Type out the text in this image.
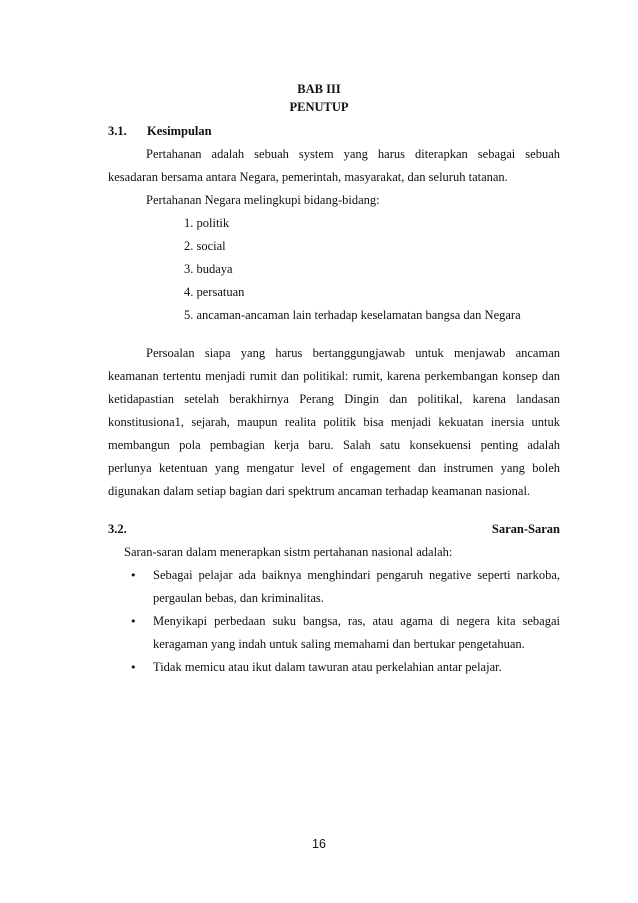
BAB III
PENUTUP
3.1. Kesimpulan
Pertahanan adalah sebuah system yang harus diterapkan sebagai sebuah
kesadaran bersama antara Negara, pemerintah, masyarakat, dan seluruh tatanan.
Pertahanan Negara melingkupi bidang-bidang:
1. politik
2. social
3. budaya
4. persatuan
5. ancaman-ancaman lain terhadap keselamatan bangsa dan Negara
Persoalan siapa yang harus bertanggungjawab untuk menjawab ancaman
keamanan tertentu menjadi rumit dan politikal: rumit, karena perkembangan konsep dan
ketidapastian setelah berakhirnya Perang Dingin dan politikal, karena landasan
konstitusiona1, sejarah, maupun realita politik bisa menjadi kekuatan inersia untuk
membangun pola pembagian kerja baru. Salah satu konsekuensi penting adalah
perlunya ketentuan yang mengatur level of engagement dan instrumen yang boleh
digunakan dalam setiap bagian dari spektrum ancaman terhadap keamanan nasional.
3.2.	Saran-Saran
Saran-saran dalam menerapkan sistm pertahanan nasional adalah:
• Sebagai pelajar ada baiknya menghindari pengaruh negative seperti narkoba,
pergaulan bebas, dan kriminalitas.
• Menyikapi perbedaan suku bangsa, ras, atau agama di negera kita sebagai
keragaman yang indah untuk saling memahami dan bertukar pengetahuan.
• Tidak memicu atau ikut dalam tawuran atau perkelahian antar pelajar.
16
